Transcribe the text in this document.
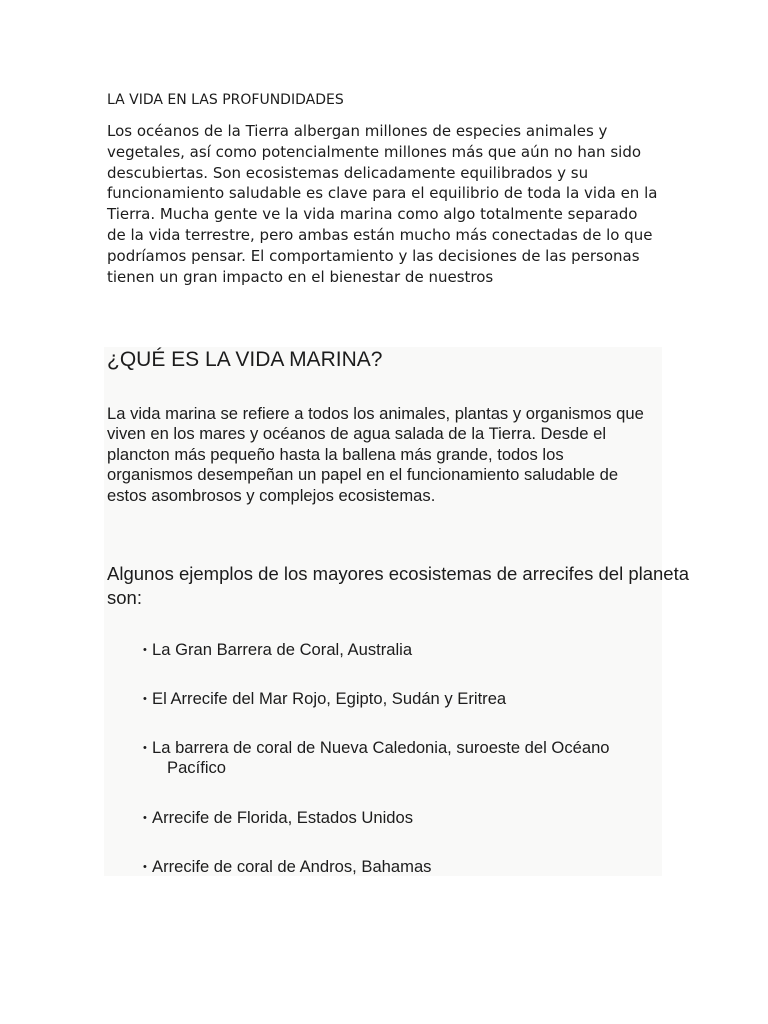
LA VIDA EN LAS PROFUNDIDADES

Los océanos de la Tierra albergan millones de especies animales y
vegetales, así como potencialmente millones más que aún no han sido
descubiertas. Son ecosistemas delicadamente equilibrados y su
funcionamiento saludable es clave para el equilibrio de toda la vida en la
Tierra. Mucha gente ve la vida marina como algo totalmente separado
de la vida terrestre, pero ambas están mucho más conectadas de lo que
podríamos pensar. El comportamiento y las decisiones de las personas
tienen un gran impacto en el bienestar de nuestros

¿QUÉ ES LA VIDA MARINA?

La vida marina se refiere a todos los animales, plantas y organismos que
viven en los mares y océanos de agua salada de la Tierra. Desde el
plancton más pequeño hasta la ballena más grande, todos los
organismos desempeñan un papel en el funcionamiento saludable de
estos asombrosos y complejos ecosistemas.

Algunos ejemplos de los mayores ecosistemas de arrecifes del planeta
son:

• La Gran Barrera de Coral, Australia
• El Arrecife del Mar Rojo, Egipto, Sudán y Eritrea
• La barrera de coral de Nueva Caledonia, suroeste del Océano
Pacífico
• Arrecife de Florida, Estados Unidos
• Arrecife de coral de Andros, Bahamas
